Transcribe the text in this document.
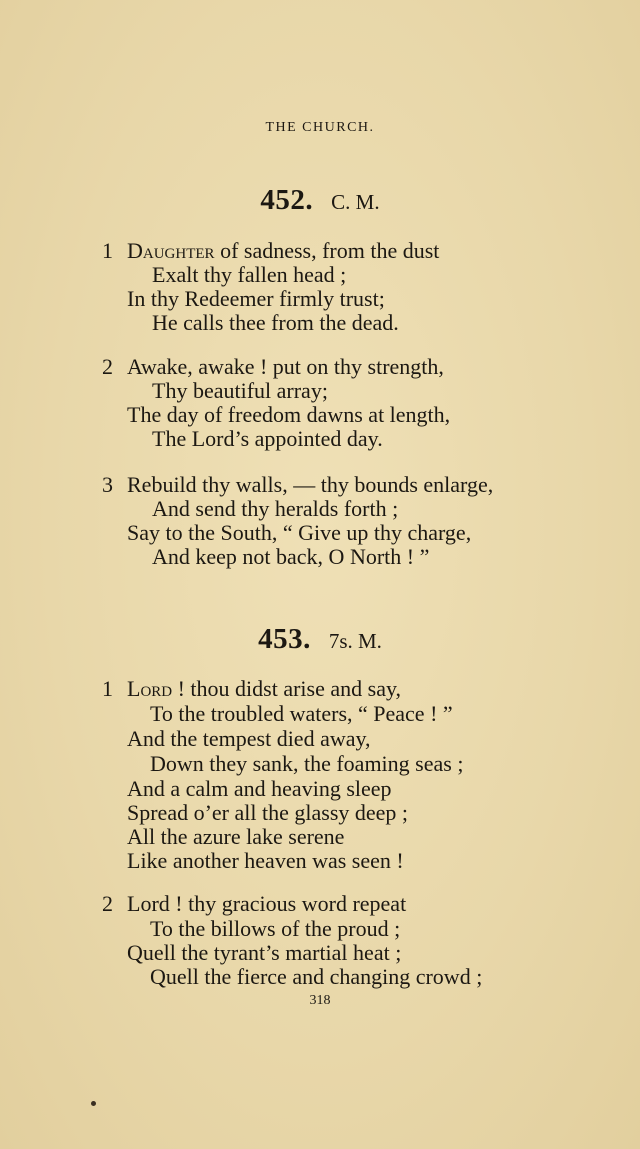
THE CHURCH.
452. C. M.
1 Daughter of sadness, from the dust
Exalt thy fallen head ;
In thy Redeemer firmly trust;
He calls thee from the dead.
2 Awake, awake ! put on thy strength,
Thy beautiful array;
The day of freedom dawns at length,
The Lord’s appointed day.
3 Rebuild thy walls, — thy bounds enlarge,
And send thy heralds forth ;
Say to the South, “ Give up thy charge,
And keep not back, O North ! ”
453. 7s. M.
1 Lord ! thou didst arise and say,
To the troubled waters, “ Peace ! ”
And the tempest died away,
Down they sank, the foaming seas ;
And a calm and heaving sleep
Spread o’er all the glassy deep ;
All the azure lake serene
Like another heaven was seen !
2 Lord ! thy gracious word repeat
To the billows of the proud ;
Quell the tyrant’s martial heat ;
Quell the fierce and changing crowd ;
318
